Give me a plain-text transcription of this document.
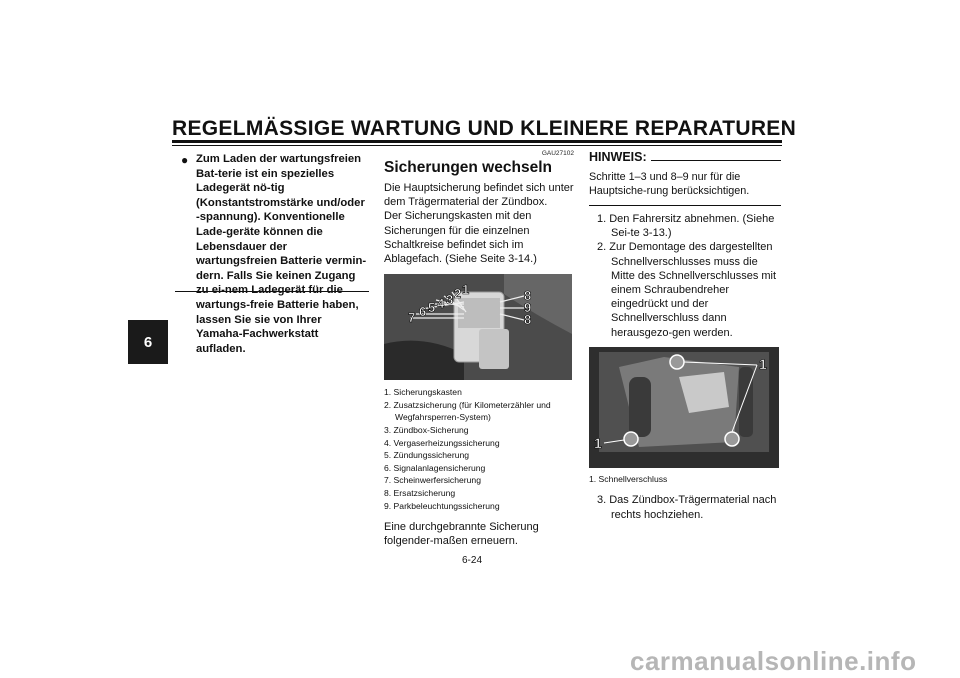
REGELMÄSSIGE WARTUNG UND KLEINERE REPARATUREN
6
● Zum Laden der wartungsfreien Bat-terie ist ein spezielles Ladegerät nö-tig (Konstantstromstärke und/oder -spannung). Konventionelle Lade-geräte können die Lebensdauer der wartungsfreien Batterie vermin-dern. Falls Sie keinen Zugang wartungs-freie Batterie haben, lassen Sie sie von Ihrer Yamaha-Fachwerkstatt aufladen.
GAU27102
Sicherungen wechseln
Die Hauptsicherung befindet sich unter dem Trägermaterial der Zündbox.
Der Sicherungskasten mit den Sicherungen für die einzelnen Schaltkreise befindet sich im Ablagefach. (Siehe Seite 3-14.)
1
2
3
4
5
6
7
8
9
8
1. Sicherungskasten
2. Zusatzsicherung (für Kilometerzähler und Wegfahrsperren-System)
3. Zündbox-Sicherung
4. Vergaserheizungssicherung
5. Zündungssicherung
6. Signalanlagensicherung
7. Scheinwerfersicherung
8. Ersatzsicherung
9. Parkbeleuchtungssicherung
Eine durchgebrannte Sicherung folgender-maßen erneuern.
HINWEIS:
Schritte 1–3 und 8–9 nur für die Hauptsiche-rung berücksichtigen.
1. Den Fahrersitz abnehmen. (Siehe Sei-te 3-13.)
2. Zur Demontage des dargestellten Schnellverschlusses muss die Mitte des Schnellverschlusses mit einem Schraubendreher eingedrückt und der Schnellverschluss dann herausgezo-gen werden.
1
1
1. Schnellverschluss
3. Das Zündbox-Trägermaterial nach rechts hochziehen.
6-24
carmanualsonline.info
